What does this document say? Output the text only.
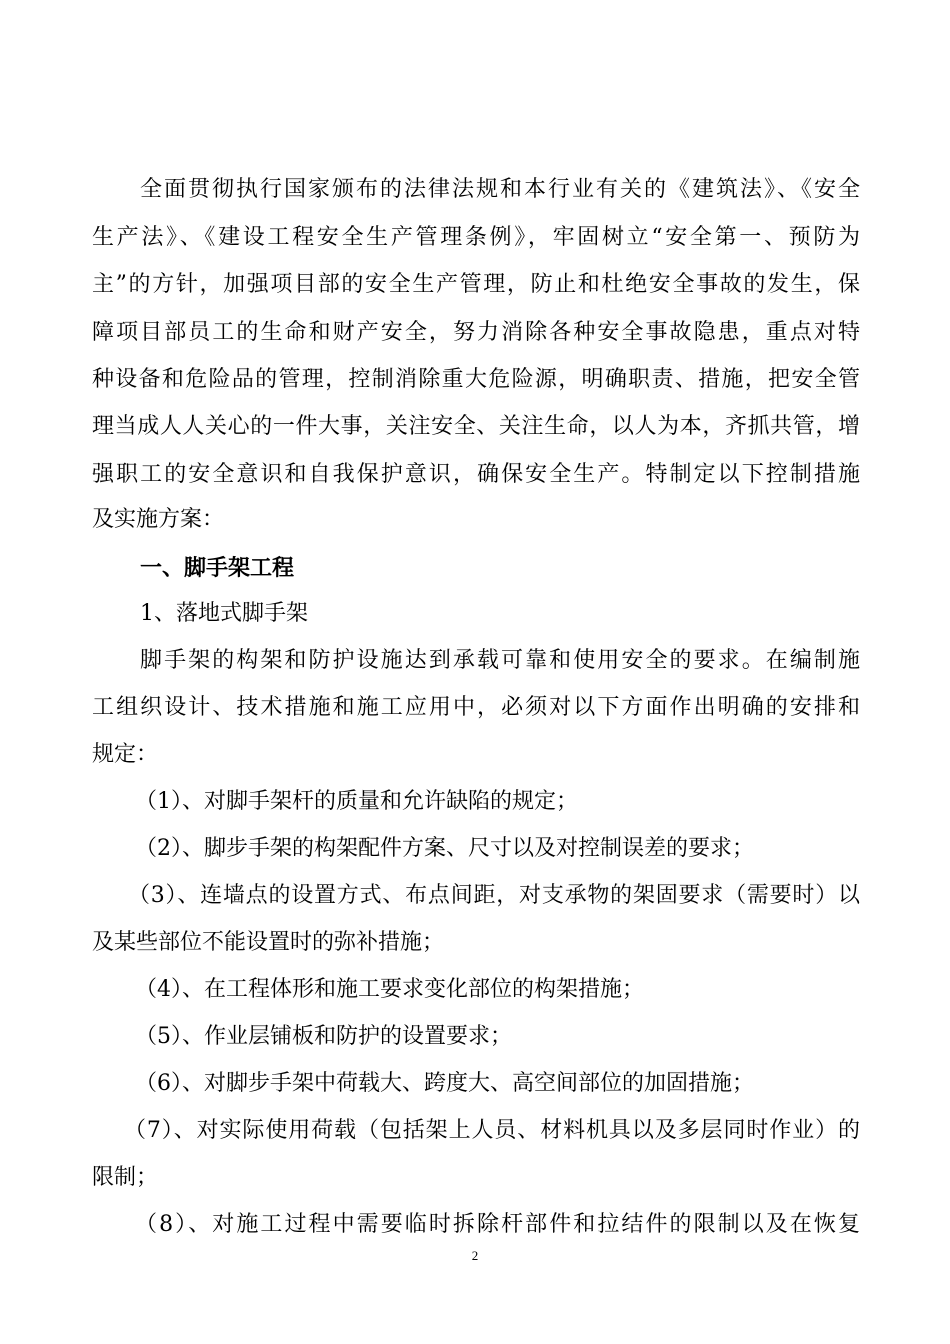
全面贯彻执行国家颁布的法律法规和本行业有关的《建筑法》、《安全
生产法》、《建设工程安全生产管理条例》，牢固树立“安全第一、预防为
主”的方针，加强项目部的安全生产管理，防止和杜绝安全事故的发生，保
障项目部员工的生命和财产安全，努力消除各种安全事故隐患，重点对特
种设备和危险品的管理，控制消除重大危险源，明确职责、措施，把安全管
理当成人人关心的一件大事，关注安全、关注生命，以人为本，齐抓共管，增
强职工的安全意识和自我保护意识，确保安全生产。特制定以下控制措施
及实施方案：
一、脚手架工程
1、落地式脚手架
脚手架的构架和防护设施达到承载可靠和使用安全的要求。在编制施
工组织设计、技术措施和施工应用中，必须对以下方面作出明确的安排和
规定：
（1）、对脚手架杆的质量和允许缺陷的规定；
（2）、脚步手架的构架配件方案、尺寸以及对控制误差的要求；
（3）、连墙点的设置方式、布点间距，对支承物的架固要求（需要时）以
及某些部位不能设置时的弥补措施；
（4）、在工程体形和施工要求变化部位的构架措施；
（5）、作业层铺板和防护的设置要求；
（6）、对脚步手架中荷载大、跨度大、高空间部位的加固措施；
（7）、对实际使用荷载（包括架上人员、材料机具以及多层同时作业）的
限制；
（8）、对施工过程中需要临时拆除杆部件和拉结件的限制以及在恢复
2
